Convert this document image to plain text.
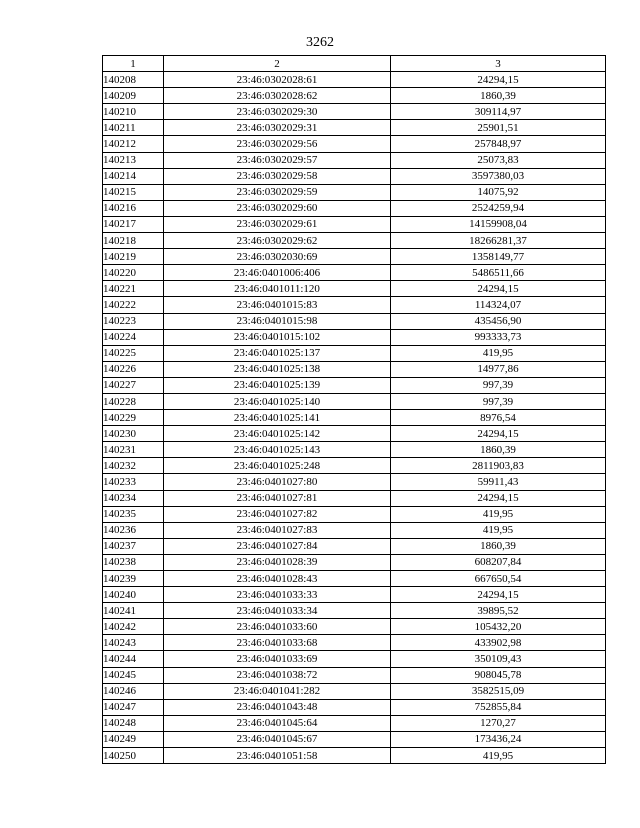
3262
1	2	3
140208	23:46:0302028:61	24294,15
140209	23:46:0302028:62	1860,39
140210	23:46:0302029:30	309114,97
140211	23:46:0302029:31	25901,51
140212	23:46:0302029:56	257848,97
140213	23:46:0302029:57	25073,83
140214	23:46:0302029:58	3597380,03
140215	23:46:0302029:59	14075,92
140216	23:46:0302029:60	2524259,94
140217	23:46:0302029:61	14159908,04
140218	23:46:0302029:62	18266281,37
140219	23:46:0302030:69	1358149,77
140220	23:46:0401006:406	5486511,66
140221	23:46:0401011:120	24294,15
140222	23:46:0401015:83	114324,07
140223	23:46:0401015:98	435456,90
140224	23:46:0401015:102	993333,73
140225	23:46:0401025:137	419,95
140226	23:46:0401025:138	14977,86
140227	23:46:0401025:139	997,39
140228	23:46:0401025:140	997,39
140229	23:46:0401025:141	8976,54
140230	23:46:0401025:142	24294,15
140231	23:46:0401025:143	1860,39
140232	23:46:0401025:248	2811903,83
140233	23:46:0401027:80	59911,43
140234	23:46:0401027:81	24294,15
140235	23:46:0401027:82	419,95
140236	23:46:0401027:83	419,95
140237	23:46:0401027:84	1860,39
140238	23:46:0401028:39	608207,84
140239	23:46:0401028:43	667650,54
140240	23:46:0401033:33	24294,15
140241	23:46:0401033:34	39895,52
140242	23:46:0401033:60	105432,20
140243	23:46:0401033:68	433902,98
140244	23:46:0401033:69	350109,43
140245	23:46:0401038:72	908045,78
140246	23:46:0401041:282	3582515,09
140247	23:46:0401043:48	752855,84
140248	23:46:0401045:64	1270,27
140249	23:46:0401045:67	173436,24
140250	23:46:0401051:58	419,95
